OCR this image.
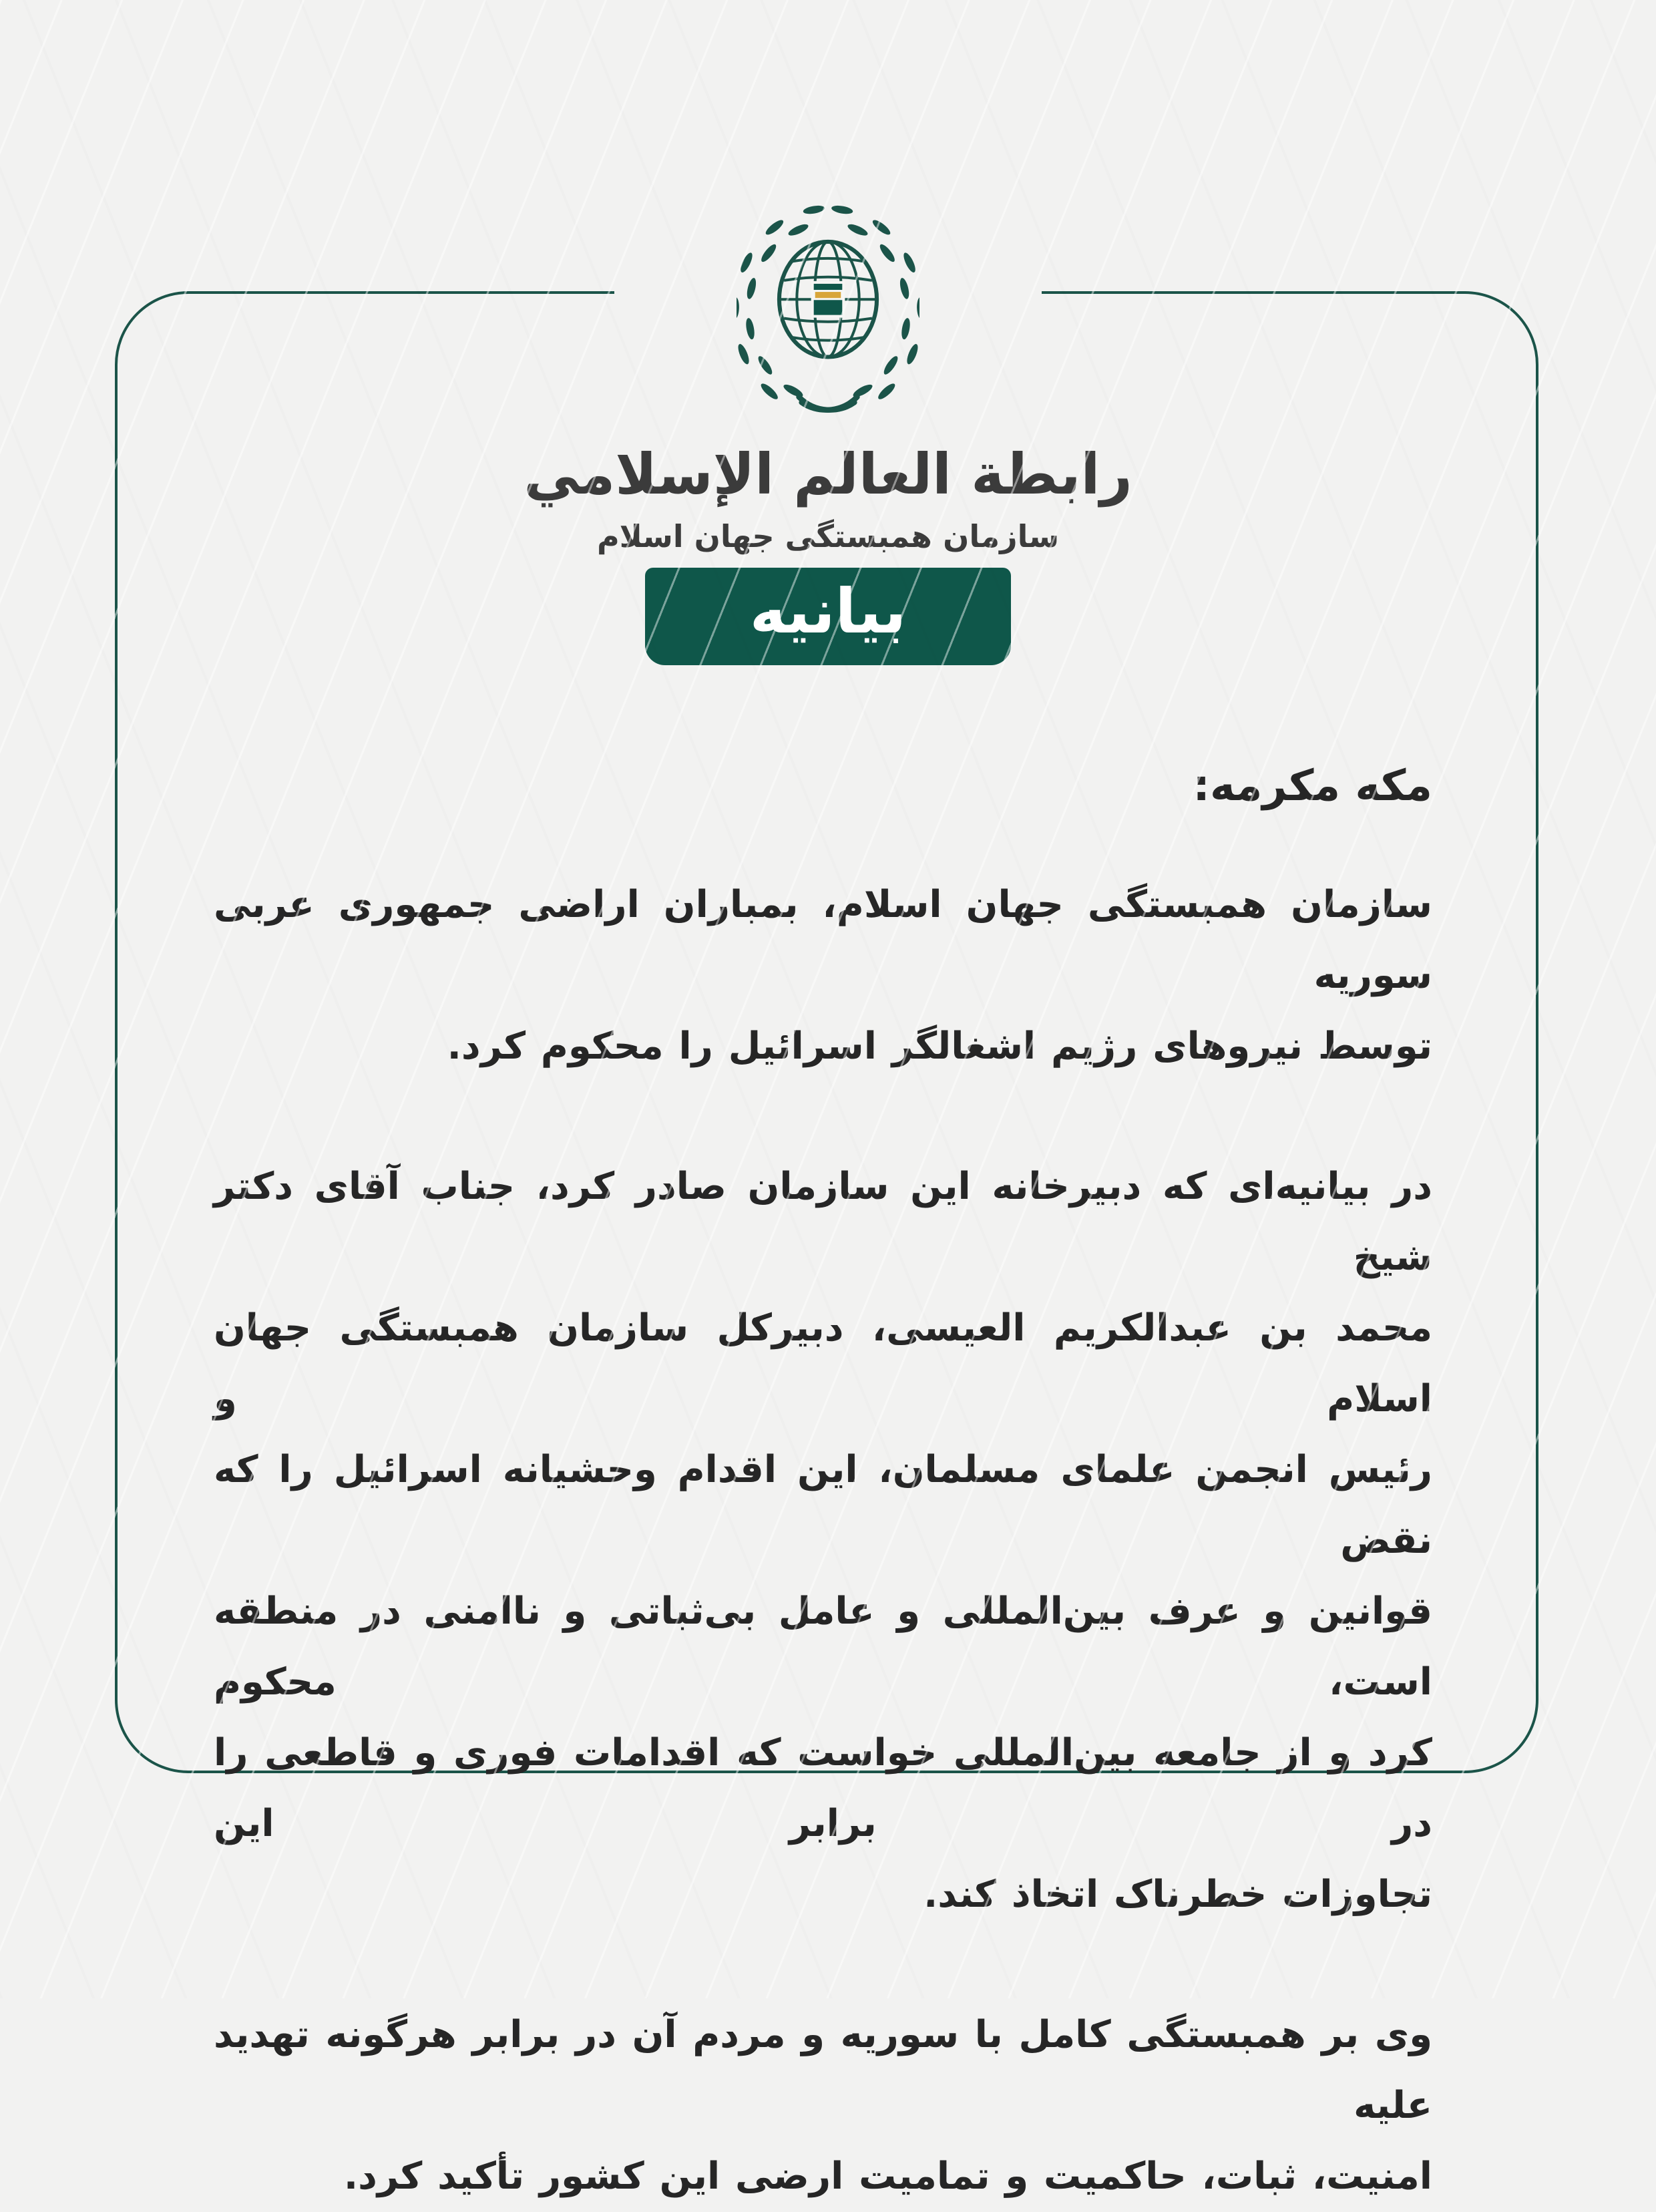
رابطة العالم الإسلامي
سازمان همبستگی جهان اسلام
بیانیه
مکه مکرمه:
سازمان همبستگی جهان اسلام، بمباران اراضی جمهوری عربی سوریه
توسط نیروهای رژیم اشغالگر اسرائیل را محکوم کرد.
در بیانیه‌ای که دبیرخانه این سازمان صادر کرد، جناب آقای دکتر شیخ
محمد بن عبدالکریم العیسی، دبیرکل سازمان همبستگی جهان اسلام و
رئیس انجمن علمای مسلمان، این اقدام وحشیانه اسرائیل را که نقض
قوانین و عرف بین‌المللی و عامل بی‌ثباتی و ناامنی در منطقه است، محکوم
کرد و از جامعه بین‌المللی خواست که اقدامات فوری و قاطعی را در برابر این
تجاوزات خطرناک اتخاذ کند.
وی بر همبستگی کامل با سوریه و مردم آن در برابر هرگونه تهدید علیه
امنیت، ثبات، حاکمیت و تمامیت ارضی این کشور تأکید کرد.
